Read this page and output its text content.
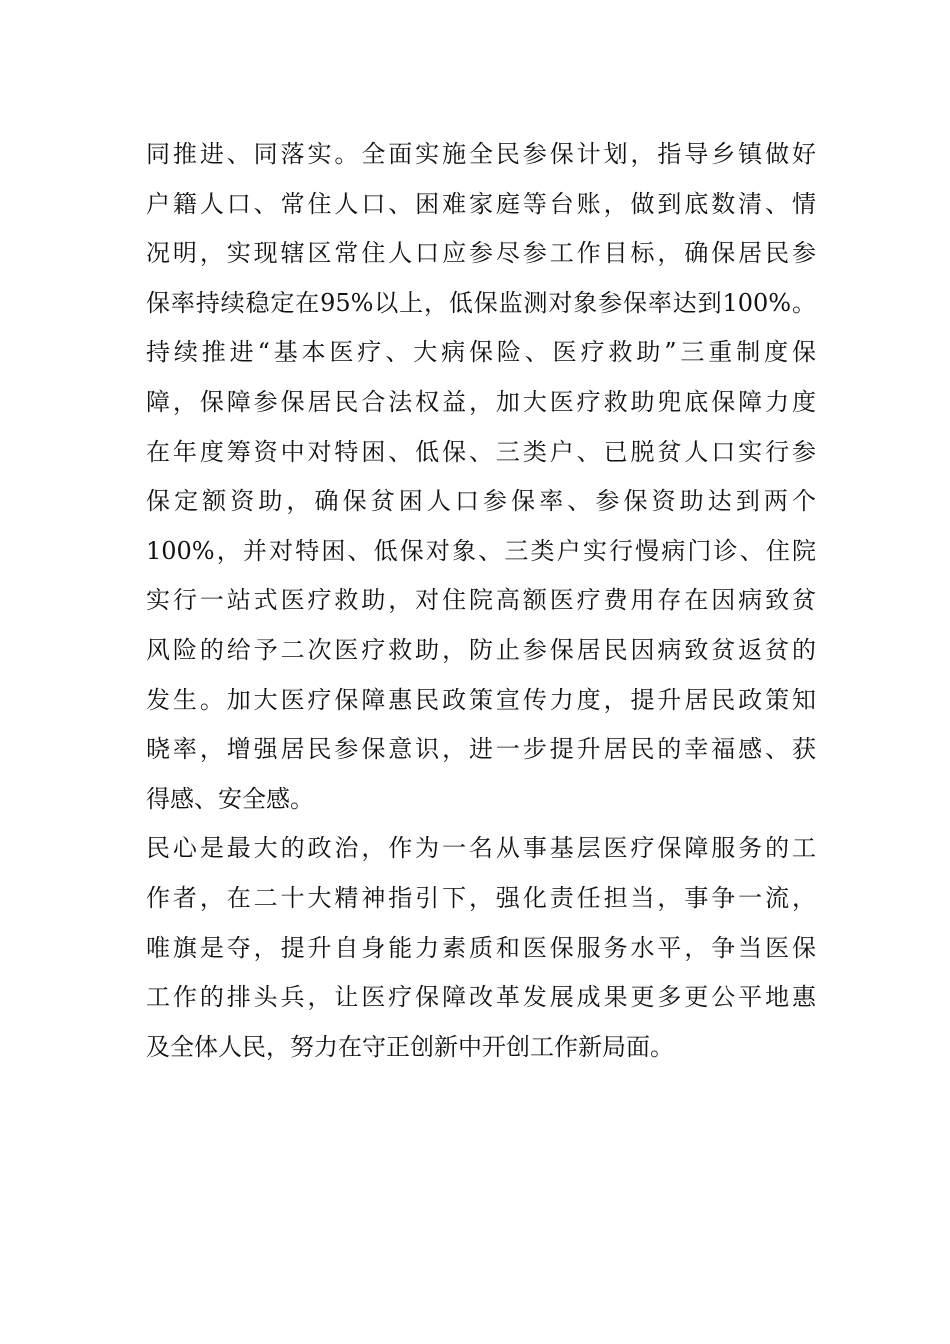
同推进、同落实。全面实施全民参保计划，指导乡镇做好
户籍人口、常住人口、困难家庭等台账，做到底数清、情
况明，实现辖区常住人口应参尽参工作目标，确保居民参
保率持续稳定在95%以上，低保监测对象参保率达到100%。
持续推进“基本医疗、大病保险、医疗救助”三重制度保
障，保障参保居民合法权益，加大医疗救助兜底保障力度
在年度筹资中对特困、低保、三类户、已脱贫人口实行参
保定额资助，确保贫困人口参保率、参保资助达到两个
100%，并对特困、低保对象、三类户实行慢病门诊、住院
实行一站式医疗救助，对住院高额医疗费用存在因病致贫
风险的给予二次医疗救助，防止参保居民因病致贫返贫的
发生。加大医疗保障惠民政策宣传力度，提升居民政策知
晓率，增强居民参保意识，进一步提升居民的幸福感、获
得感、安全感。
民心是最大的政治，作为一名从事基层医疗保障服务的工
作者，在二十大精神指引下，强化责任担当，事争一流，
唯旗是夺，提升自身能力素质和医保服务水平，争当医保
工作的排头兵，让医疗保障改革发展成果更多更公平地惠
及全体人民，努力在守正创新中开创工作新局面。
